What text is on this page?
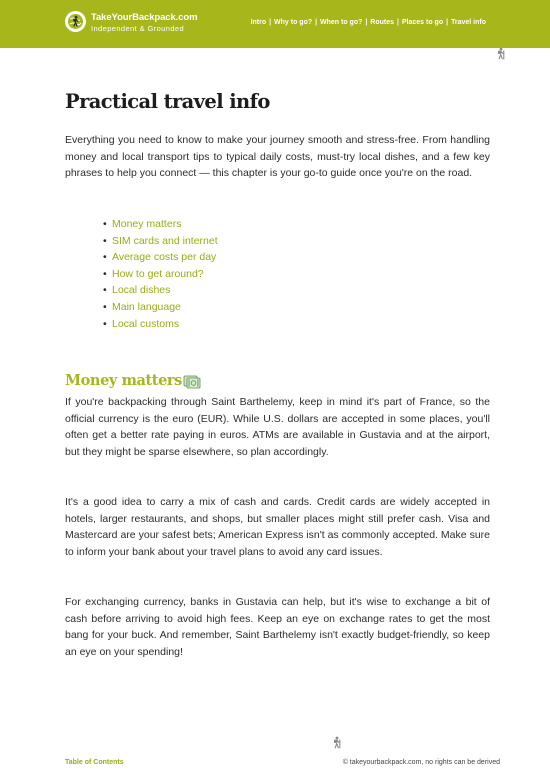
TakeYourBackpack.com
Independent & Grounded
Intro | Why to go? | When to go? | Routes | Places to go | Travel info
Practical travel info

Everything you need to know to make your journey smooth and stress-free. From handling money and local transport tips to typical daily costs, must-try local dishes, and a few key phrases to help you connect — this chapter is your go-to guide once you're on the road.

• Money matters
• SIM cards and internet
• Average costs per day
• How to get around?
• Local dishes
• Main language
• Local customs
Money matters

If you're backpacking through Saint Barthelemy, keep in mind it's part of France, so the official currency is the euro (EUR). While U.S. dollars are accepted in some places, you'll often get a better rate paying in euros. ATMs are available in Gustavia and at the airport, but they might be sparse elsewhere, so plan accordingly.

It's a good idea to carry a mix of cash and cards. Credit cards are widely accepted in hotels, larger restaurants, and shops, but smaller places might still prefer cash. Visa and Mastercard are your safest bets; American Express isn't as commonly accepted. Make sure to inform your bank about your travel plans to avoid any card issues.

For exchanging currency, banks in Gustavia can help, but it's wise to exchange a bit of cash before arriving to avoid high fees. Keep an eye on exchange rates to get the most bang for your buck. And remember, Saint Barthelemy isn't exactly budget-friendly, so keep an eye on your spending!

Table of Contents	© takeyourbackpack.com, no rights can be derived
